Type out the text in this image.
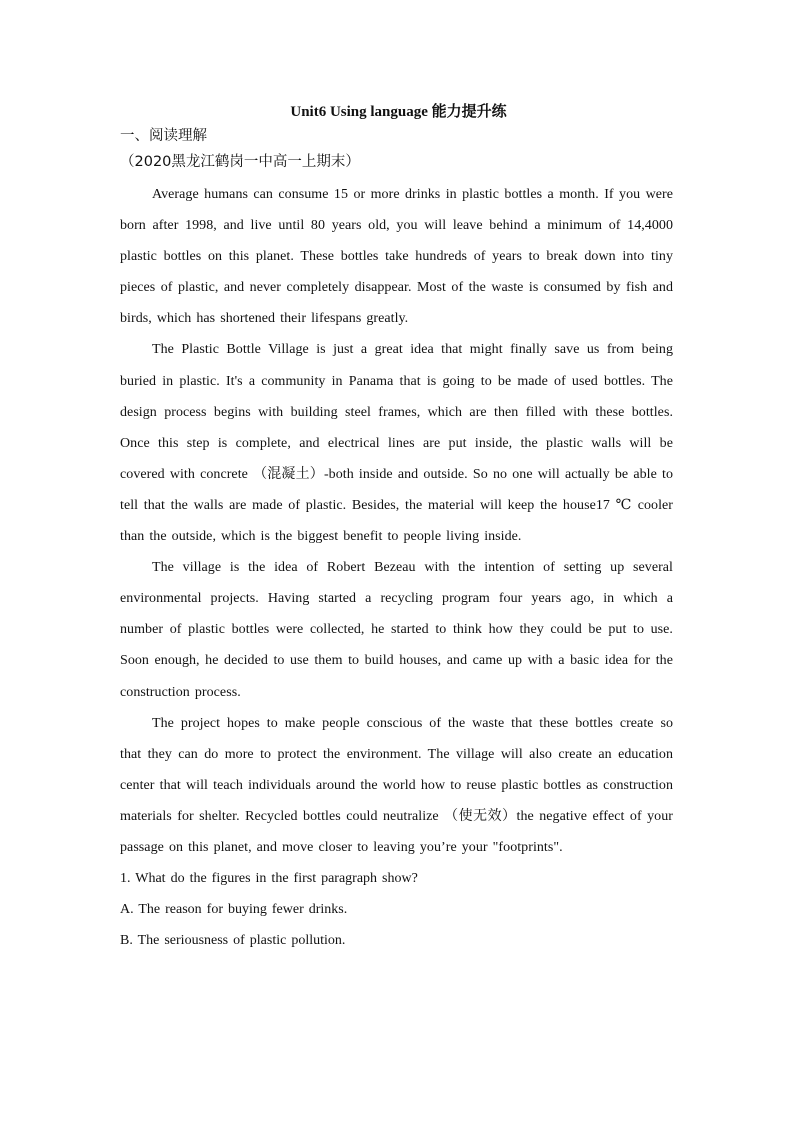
Unit6 Using language 能力提升练

一、阅读理解

（2020黑龙江鹤岗一中高一上期末）

Average humans can consume 15 or more drinks in plastic bottles a month. If you were born after 1998, and live until 80 years old, you will leave behind a minimum of 14,4000 plastic bottles on this planet. These bottles take hundreds of years to break down into tiny pieces of plastic, and never completely disappear. Most of the waste is consumed by fish and birds, which has shortened their lifespans greatly.

The Plastic Bottle Village is just a great idea that might finally save us from being buried in plastic. It's a community in Panama that is going to be made of used bottles. The design process begins with building steel frames, which are then filled with these bottles. Once this step is complete, and electrical lines are put inside, the plastic walls will be covered with concrete （混凝土）-both inside and outside. So no one will actually be able to tell that the walls are made of plastic. Besides, the material will keep the house17 ℃ cooler than the outside, which is the biggest benefit to people living inside.

The village is the idea of Robert Bezeau with the intention of setting up several environmental projects. Having started a recycling program four years ago, in which a number of plastic bottles were collected, he started to think how they could be put to use. Soon enough, he decided to use them to build houses, and came up with a basic idea for the construction process.

The project hopes to make people conscious of the waste that these bottles create so that they can do more to protect the environment. The village will also create an education center that will teach individuals around the world how to reuse plastic bottles as construction materials for shelter. Recycled bottles could neutralize （使无效）the negative effect of your passage on this planet, and move closer to leaving you’re your "footprints".

1. What do the figures in the first paragraph show?

A. The reason for buying fewer drinks.

B. The seriousness of plastic pollution.
